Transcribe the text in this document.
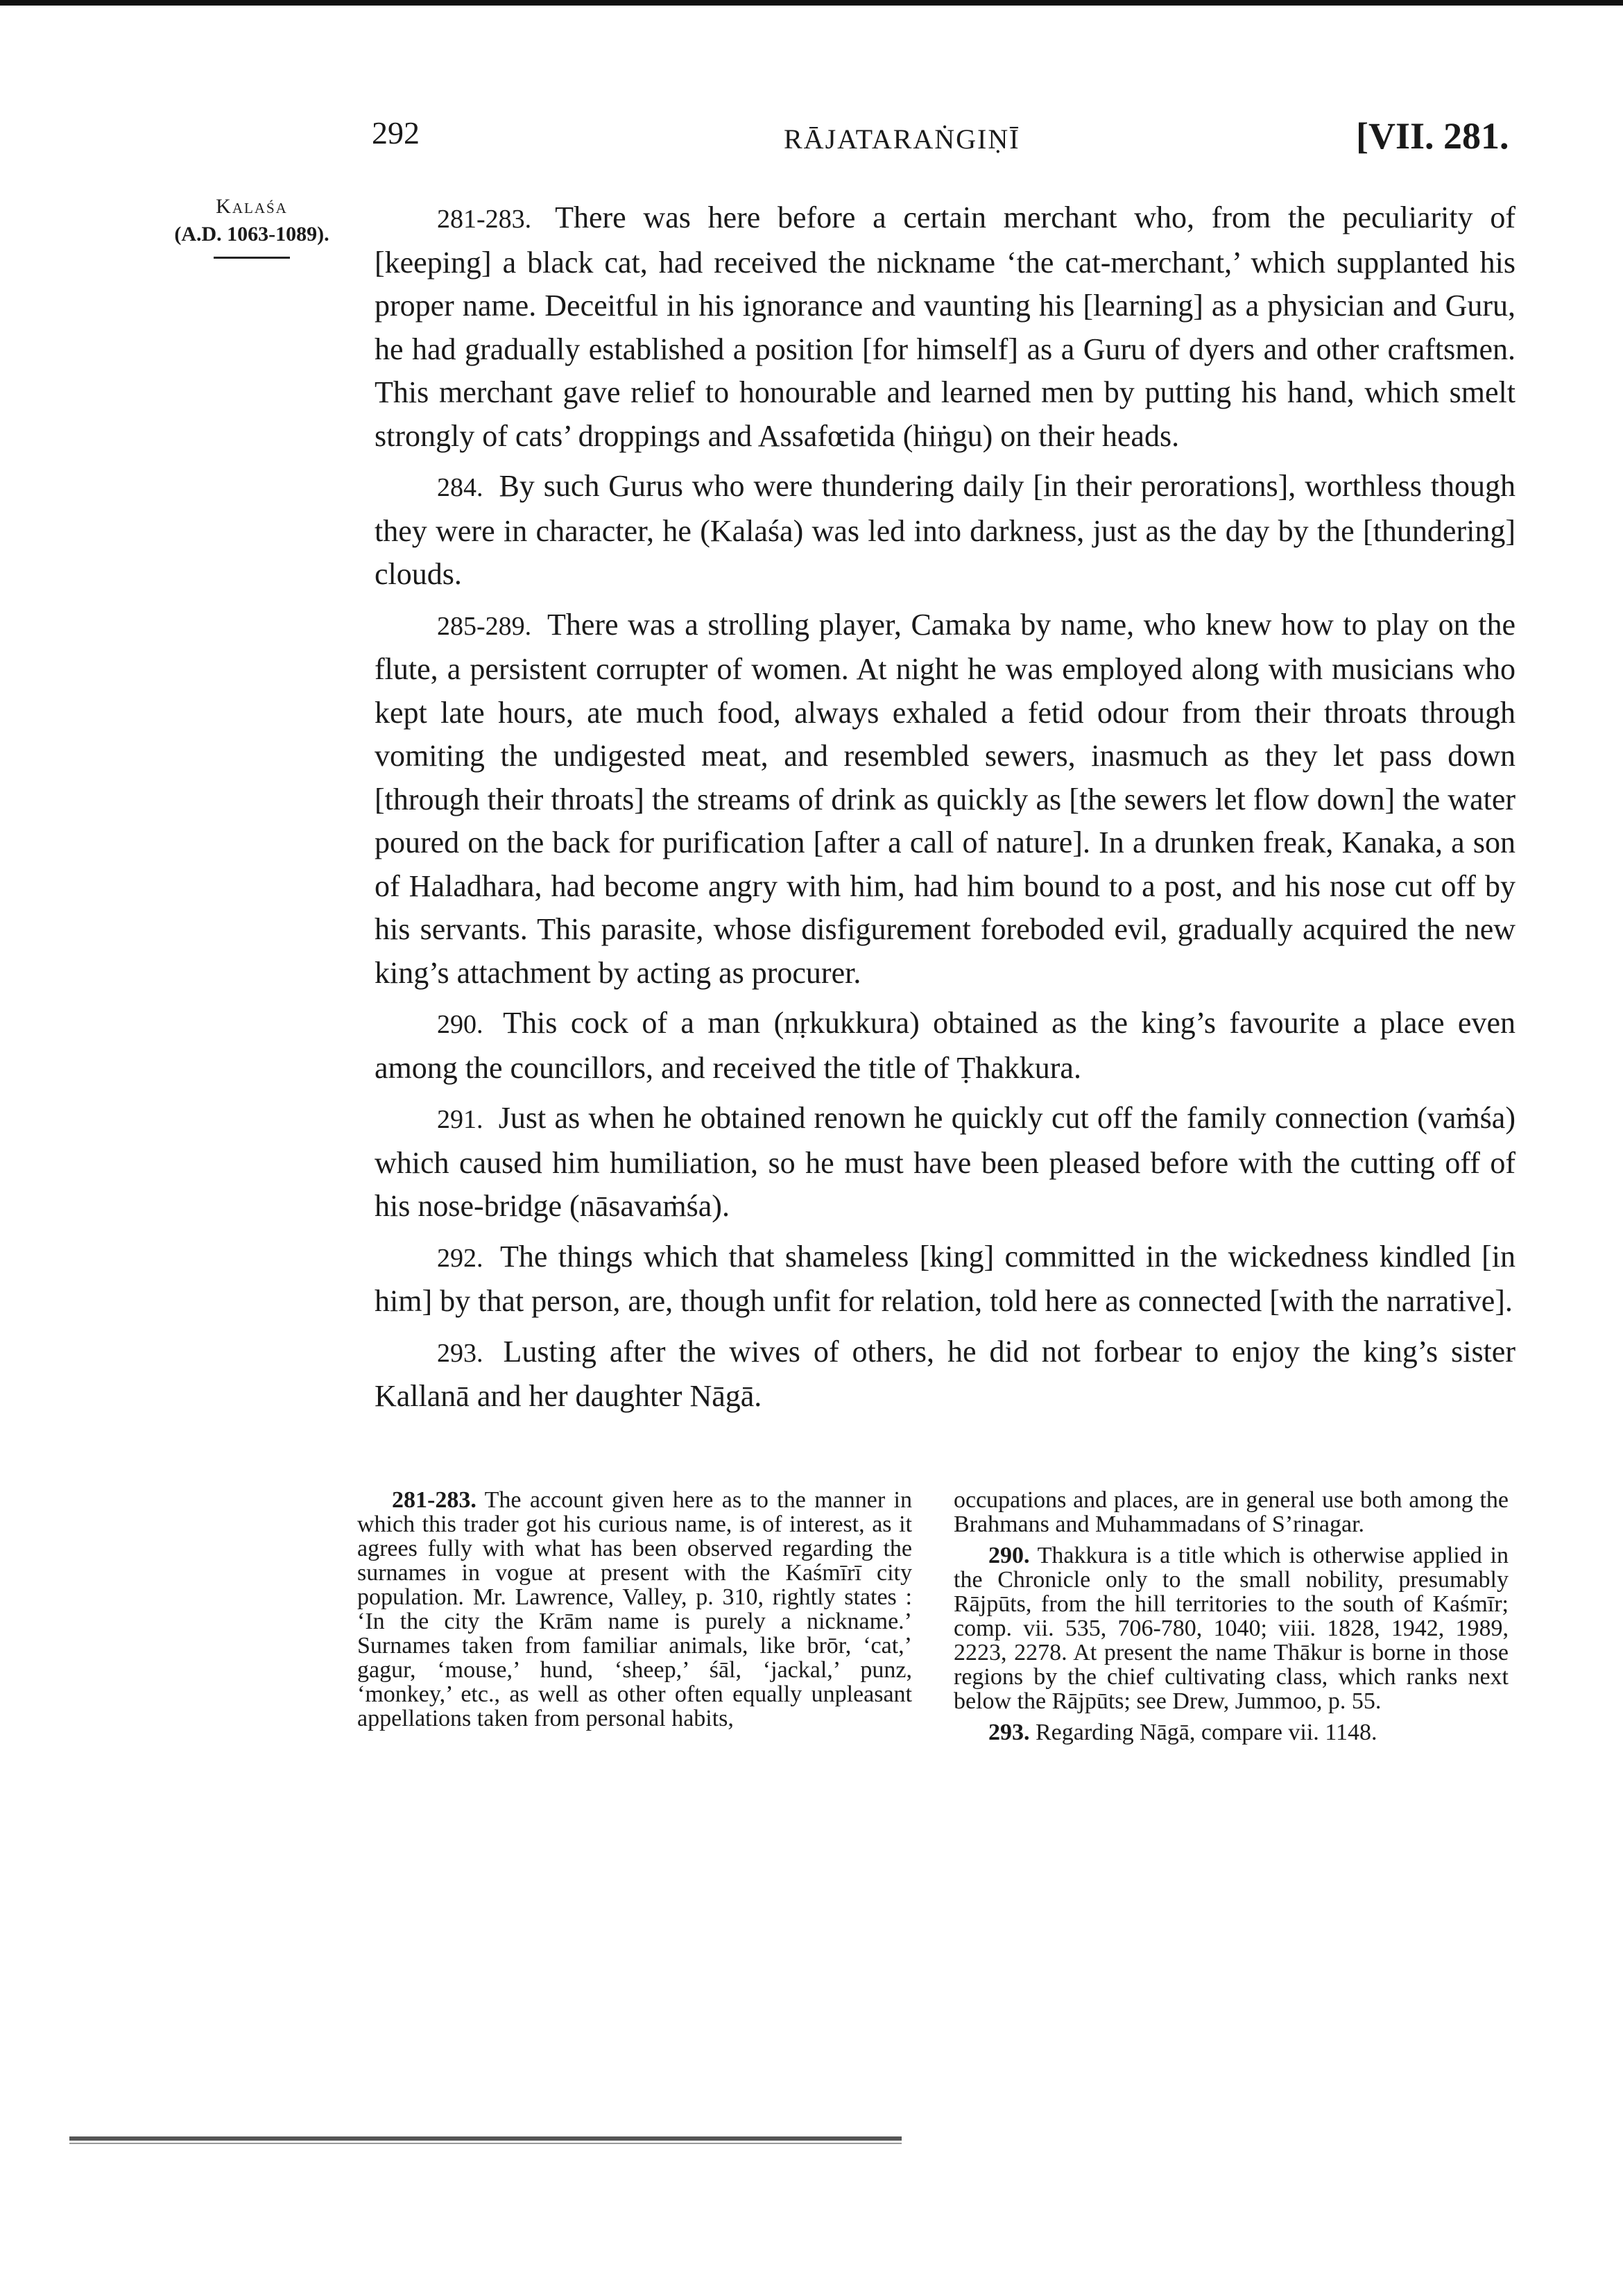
292	RĀJATARAṄGIṆĪ	[VII. 281.
Kalaśa
(A.D. 1063-1089).

281-283. There was here before a certain merchant who, from the peculiarity of [keeping] a black cat, had received the nickname ‘the cat-merchant,’ which supplanted his proper name. Deceitful in his ignorance and vaunting his [learning] as a physician and Guru, he had gradually established a position [for himself] as a Guru of dyers and other craftsmen. This merchant gave relief to honourable and learned men by putting his hand, which smelt strongly of cats’ droppings and Assafœtida (hiṅgu) on their heads.

284. By such Gurus who were thundering daily [in their perorations], worthless though they were in character, he (Kalaśa) was led into darkness, just as the day by the [thundering] clouds.

285-289. There was a strolling player, Camaka by name, who knew how to play on the flute, a persistent corrupter of women. At night he was employed along with musicians who kept late hours, ate much food, always exhaled a fetid odour from their throats through vomiting the undigested meat, and resembled sewers, inasmuch as they let pass down [through their throats] the streams of drink as quickly as [the sewers let flow down] the water poured on the back for purification [after a call of nature]. In a drunken freak, Kanaka, a son of Haladhara, had become angry with him, had him bound to a post, and his nose cut off by his servants. This parasite, whose disfigurement foreboded evil, gradually acquired the new king’s attachment by acting as procurer.

290. This cock of a man (nṛkukkura) obtained as the king’s favourite a place even among the councillors, and received the title of Ṭhakkura.

291. Just as when he obtained renown he quickly cut off the family connection (vaṁśa) which caused him humiliation, so he must have been pleased before with the cutting off of his nose-bridge (nāsavaṁśa).

292. The things which that shameless [king] committed in the wickedness kindled [in him] by that person, are, though unfit for relation, told here as connected [with the narrative].

293. Lusting after the wives of others, he did not forbear to enjoy the king’s sister Kallanā and her daughter Nāgā.

281-283. The account given here as to the manner in which this trader got his curious name, is of interest, as it agrees fully with what has been observed regarding the surnames in vogue at present with the Kaśmīrī city population. Mr. Lawrence, Valley, p. 310, rightly states : ‘In the city the Krām name is purely a nickname.’ Surnames taken from familiar animals, like brōr, ‘cat,’ gagur, ‘mouse,’ hund, ‘sheep,’ śāl, ‘jackal,’ punz, ‘monkey,’ etc., as well as other often equally unpleasant appellations taken from personal habits,

occupations and places, are in general use both among the Brahmans and Muhammadans of S’rinagar.

290. Thakkura is a title which is otherwise applied in the Chronicle only to the small nobility, presumably Rājpūts, from the hill territories to the south of Kaśmīr; comp. vii. 535, 706-780, 1040; viii. 1828, 1942, 1989, 2223, 2278. At present the name Thākur is borne in those regions by the chief cultivating class, which ranks next below the Rājpūts; see Drew, Jummoo, p. 55.

293. Regarding Nāgā, compare vii. 1148.
